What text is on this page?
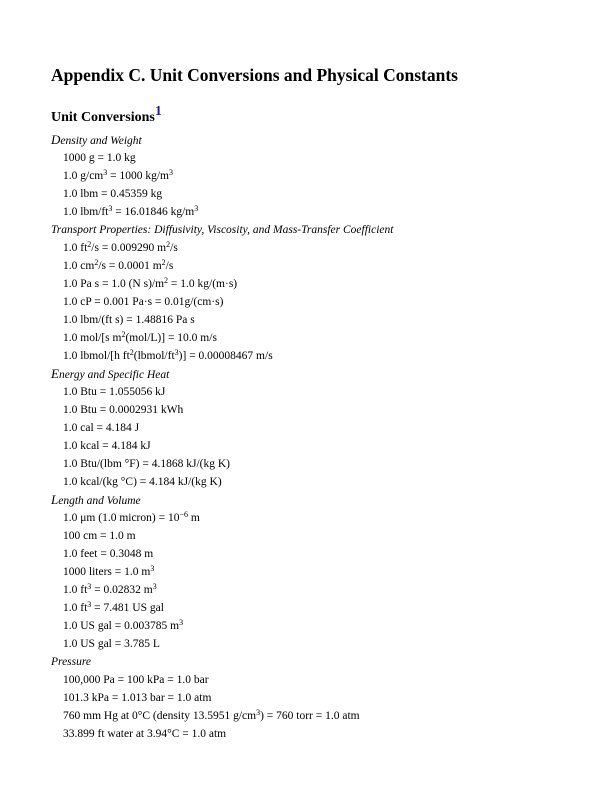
Appendix C. Unit Conversions and Physical Constants
Unit Conversions$^1$
Density and Weight
1000 g = 1.0 kg
1.0 $g/cm^3 = 1000$ $kg/m^3$
1.0 lbm = 0.45359 kg
1.0 lbm/$ft^3 = 16.01846$ $kg/m^3$
Transport Properties: Diffusivity, Viscosity, and Mass-Transfer Coefficient
1.0 $ft^2/s = 0.009290$ $m^2/s$
1.0 $cm^2/s = 0.0001$ $m^2/s$
1.0 Pa s = 1.0 (N $s)/m^2 = 1.0$ kg/(m·s)
1.0 cP = 0.001 Pa·s = 0.01g/(cm·s)
1.0 lbm/(ft s) = 1.48816 Pa s
1.0 mol/[s $m^2(mol/L)] = 10.0$ m/s
1.0 lbmol/[h $ft^2(lbmol/ft^3)] = 0.00008467$ m/s
Energy and Specific Heat
1.0 Btu = 1.055056 kJ
1.0 Btu = 0.0002931 kWh
1.0 cal = 4.184 J
1.0 kcal = 4.184 kJ
1.0 Btu/(lbm °F) = 4.1868 kJ/(kg K)
1.0 kcal/(kg °C) = 4.184 kJ/(kg K)
Length and Volume
1.0 μm (1.0 micron) = $10^{-6}$ m
100 cm = 1.0 m
1.0 feet = 0.3048 m
1000 liters = 1.0 $m^3$
1.0 $ft^3 = 0.02832$ $m^3$
1.0 $ft^3 = 7.481$ US gal
1.0 US gal = 0.003785 $m^3$
1.0 US gal = 3.785 L
Pressure
100,000 Pa = 100 kPa = 1.0 bar
101.3 kPa = 1.013 bar = 1.0 atm
760 mm Hg at 0°C (density 13.5951 $g/cm^3) = 760$ torr = 1.0 atm
33.899 ft water at 3.94°C = 1.0 atm
